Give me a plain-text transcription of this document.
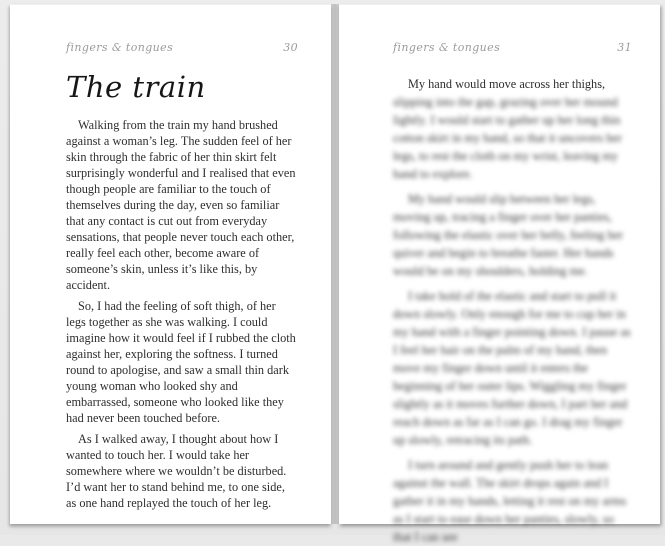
fingers & tongues	30
The train

Walking from the train my hand brushed against a woman’s leg. The sudden feel of her skin through the fabric of her thin skirt felt surprisingly wonderful and I realised that even though people are familiar to the touch of themselves during the day, even so familiar that any contact is cut out from everyday sensations, that people never touch each other, really feel each other, become aware of someone’s skin, unless it’s like this, by accident.

So, I had the feeling of soft thigh, of her legs together as she was walking. I could imagine how it would feel if I rubbed the cloth against her, exploring the softness. I turned round to apologise, and saw a small thin dark young woman who looked shy and embarrassed, someone who looked like they had never been touched before.

As I walked away, I thought about how I wanted to touch her. I would take her somewhere where we wouldn’t be disturbed. I’d want her to stand behind me, to one side, as one hand replayed the touch of her leg.

fingers & tongues	31

My hand would move across her thighs, slipping into the gap, grazing over her mound lightly. I would start to gather up her long thin cotton skirt in my hand, so that it uncovers her legs, to rest the cloth on my wrist, leaving my hand to explore.

My hand would slip between her legs, moving up, tracing a finger over her panties, following the elastic over her belly, feeling her quiver and begin to breathe faster. Her hands would be on my shoulders, holding me.

I take hold of the elastic and start to pull it down slowly. Only enough for me to cup her in my hand with a finger pointing down. I pause as I feel her hair on the palm of my hand, then move my finger down until it enters the beginning of her outer lips. Wiggling my finger slightly as it moves further down, I part her and reach down as far as I can go. I drag my finger up slowly, retracing its path.

I turn around and gently push her to lean against the wall. The skirt drops again and I gather it in my hands, letting it rest on my arms as I start to ease down her panties, slowly, so that I can see
